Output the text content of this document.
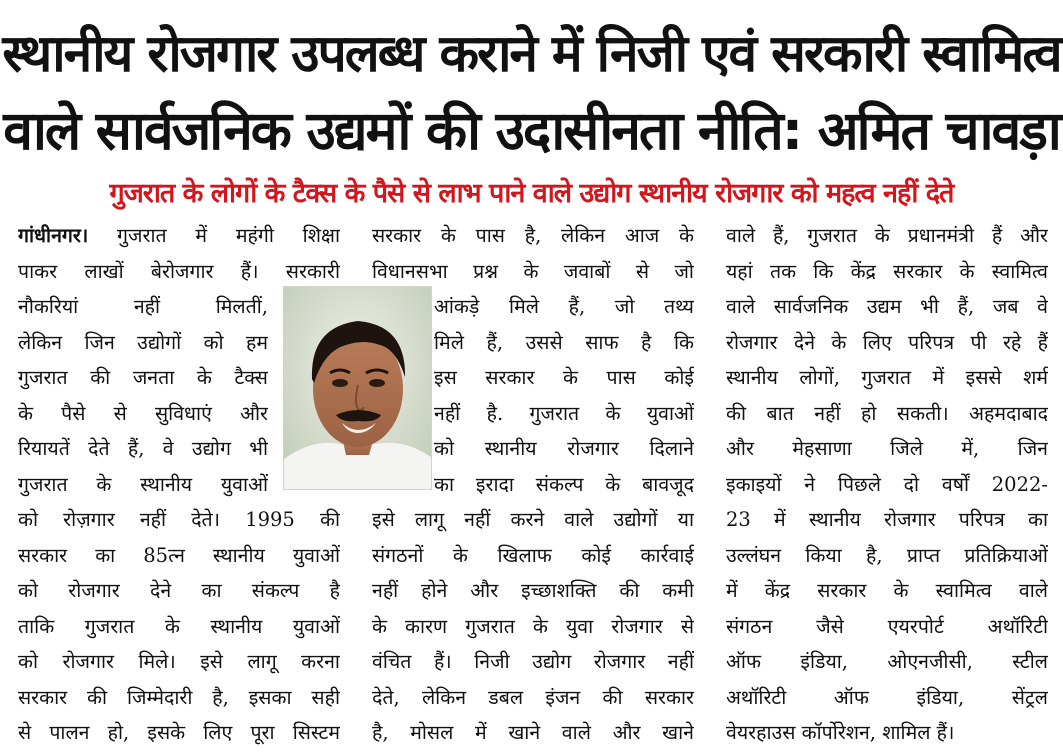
स्थानीय रोजगार उपलब्ध कराने में निजी एवं सरकारी स्वामित्व
वाले सार्वजनिक उद्यमों की उदासीनता नीति: अमित चावड़ा
गुजरात के लोगों के टैक्स के पैसे से लाभ पाने वाले उद्योग स्थानीय रोजगार को महत्व नहीं देते
गांधीनगर। गुजरात में महंगी शिक्षा
पाकर लाखों बेरोजगार हैं। सरकारी
नौकरियां नहीं मिलतीं,
लेकिन जिन उद्योगों को हम
गुजरात की जनता के टैक्स
के पैसे से सुविधाएं और
रियायतें देते हैं, वे उद्योग भी
गुजरात के स्थानीय युवाओं
को रोज़गार नहीं देते। 1995 की
सरकार का 85त्न स्थानीय युवाओं
को रोजगार देने का संकल्प है
ताकि गुजरात के स्थानीय युवाओं
को रोजगार मिले। इसे लागू करना
सरकार की जिम्मेदारी है, इसका सही
से पालन हो, इसके लिए पूरा सिस्टम
सरकार के पास है, लेकिन आज के
विधानसभा प्रश्न के जवाबों से जो
आंकड़े मिले हैं, जो तथ्य
मिले हैं, उससे साफ है कि
इस सरकार के पास कोई
नहीं है. गुजरात के युवाओं
को स्थानीय रोजगार दिलाने
का इरादा संकल्प के बावजूद
इसे लागू नहीं करने वाले उद्योगों या
संगठनों के खिलाफ कोई कार्रवाई
नहीं होने और इच्छाशक्ति की कमी
के कारण गुजरात के युवा रोजगार से
वंचित हैं। निजी उद्योग रोजगार नहीं
देते, लेकिन डबल इंजन की सरकार
है, मोसल में खाने वाले और खाने
वाले हैं, गुजरात के प्रधानमंत्री हैं और
यहां तक कि केंद्र सरकार के स्वामित्व
वाले सार्वजनिक उद्यम भी हैं, जब वे
रोजगार देने के लिए परिपत्र पी रहे हैं
स्थानीय लोगों, गुजरात में इससे शर्म
की बात नहीं हो सकती। अहमदाबाद
और मेहसाणा जिले में, जिन
इकाइयों ने पिछले दो वर्षों 2022-
23 में स्थानीय रोजगार परिपत्र का
उल्लंघन किया है, प्राप्त प्रतिक्रियाओं
में केंद्र सरकार के स्वामित्व वाले
संगठन जैसे एयरपोर्ट अथॉरिटी
ऑफ इंडिया, ओएनजीसी, स्टील
अथॉरिटी ऑफ इंडिया, सेंट्रल
वेयरहाउस कॉर्पोरेशन, शामिल हैं।
